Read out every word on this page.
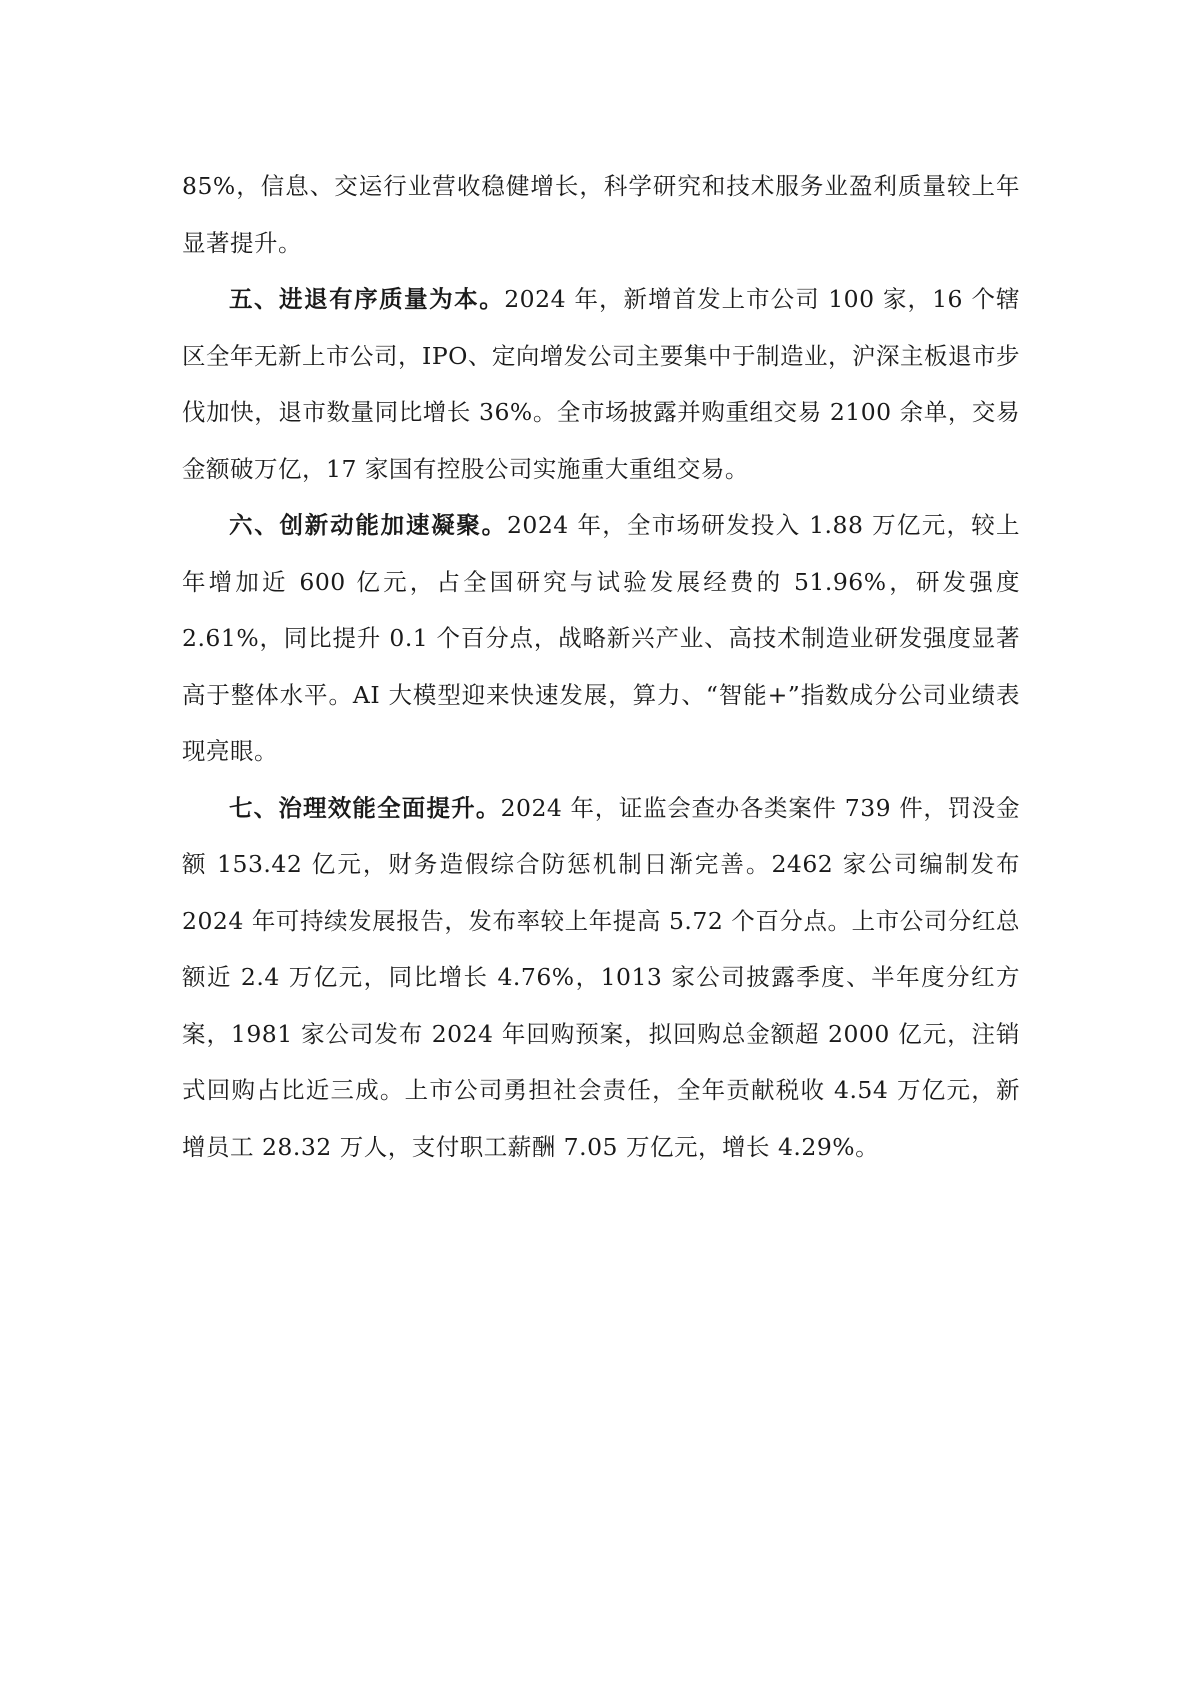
85%，信息、交运行业营收稳健增长，科学研究和技术服务业盈利质量较上年显著提升。

五、进退有序质量为本。2024 年，新增首发上市公司 100 家，16 个辖区全年无新上市公司，IPO、定向增发公司主要集中于制造业，沪深主板退市步伐加快，退市数量同比增长 36%。全市场披露并购重组交易 2100 余单，交易金额破万亿，17 家国有控股公司实施重大重组交易。

六、创新动能加速凝聚。2024 年，全市场研发投入 1.88 万亿元，较上年增加近 600 亿元，占全国研究与试验发展经费的 51.96%，研发强度 2.61%，同比提升 0.1 个百分点，战略新兴产业、高技术制造业研发强度显著高于整体水平。AI 大模型迎来快速发展，算力、“智能+”指数成分公司业绩表现亮眼。

七、治理效能全面提升。2024 年，证监会查办各类案件 739 件，罚没金额 153.42 亿元，财务造假综合防惩机制日渐完善。2462 家公司编制发布 2024 年可持续发展报告，发布率较上年提高 5.72 个百分点。上市公司分红总额近 2.4 万亿元，同比增长 4.76%，1013 家公司披露季度、半年度分红方案，1981 家公司发布 2024 年回购预案，拟回购总金额超 2000 亿元，注销式回购占比近三成。上市公司勇担社会责任，全年贡献税收 4.54 万亿元，新增员工 28.32 万人，支付职工薪酬 7.05 万亿元，增长 4.29%。
